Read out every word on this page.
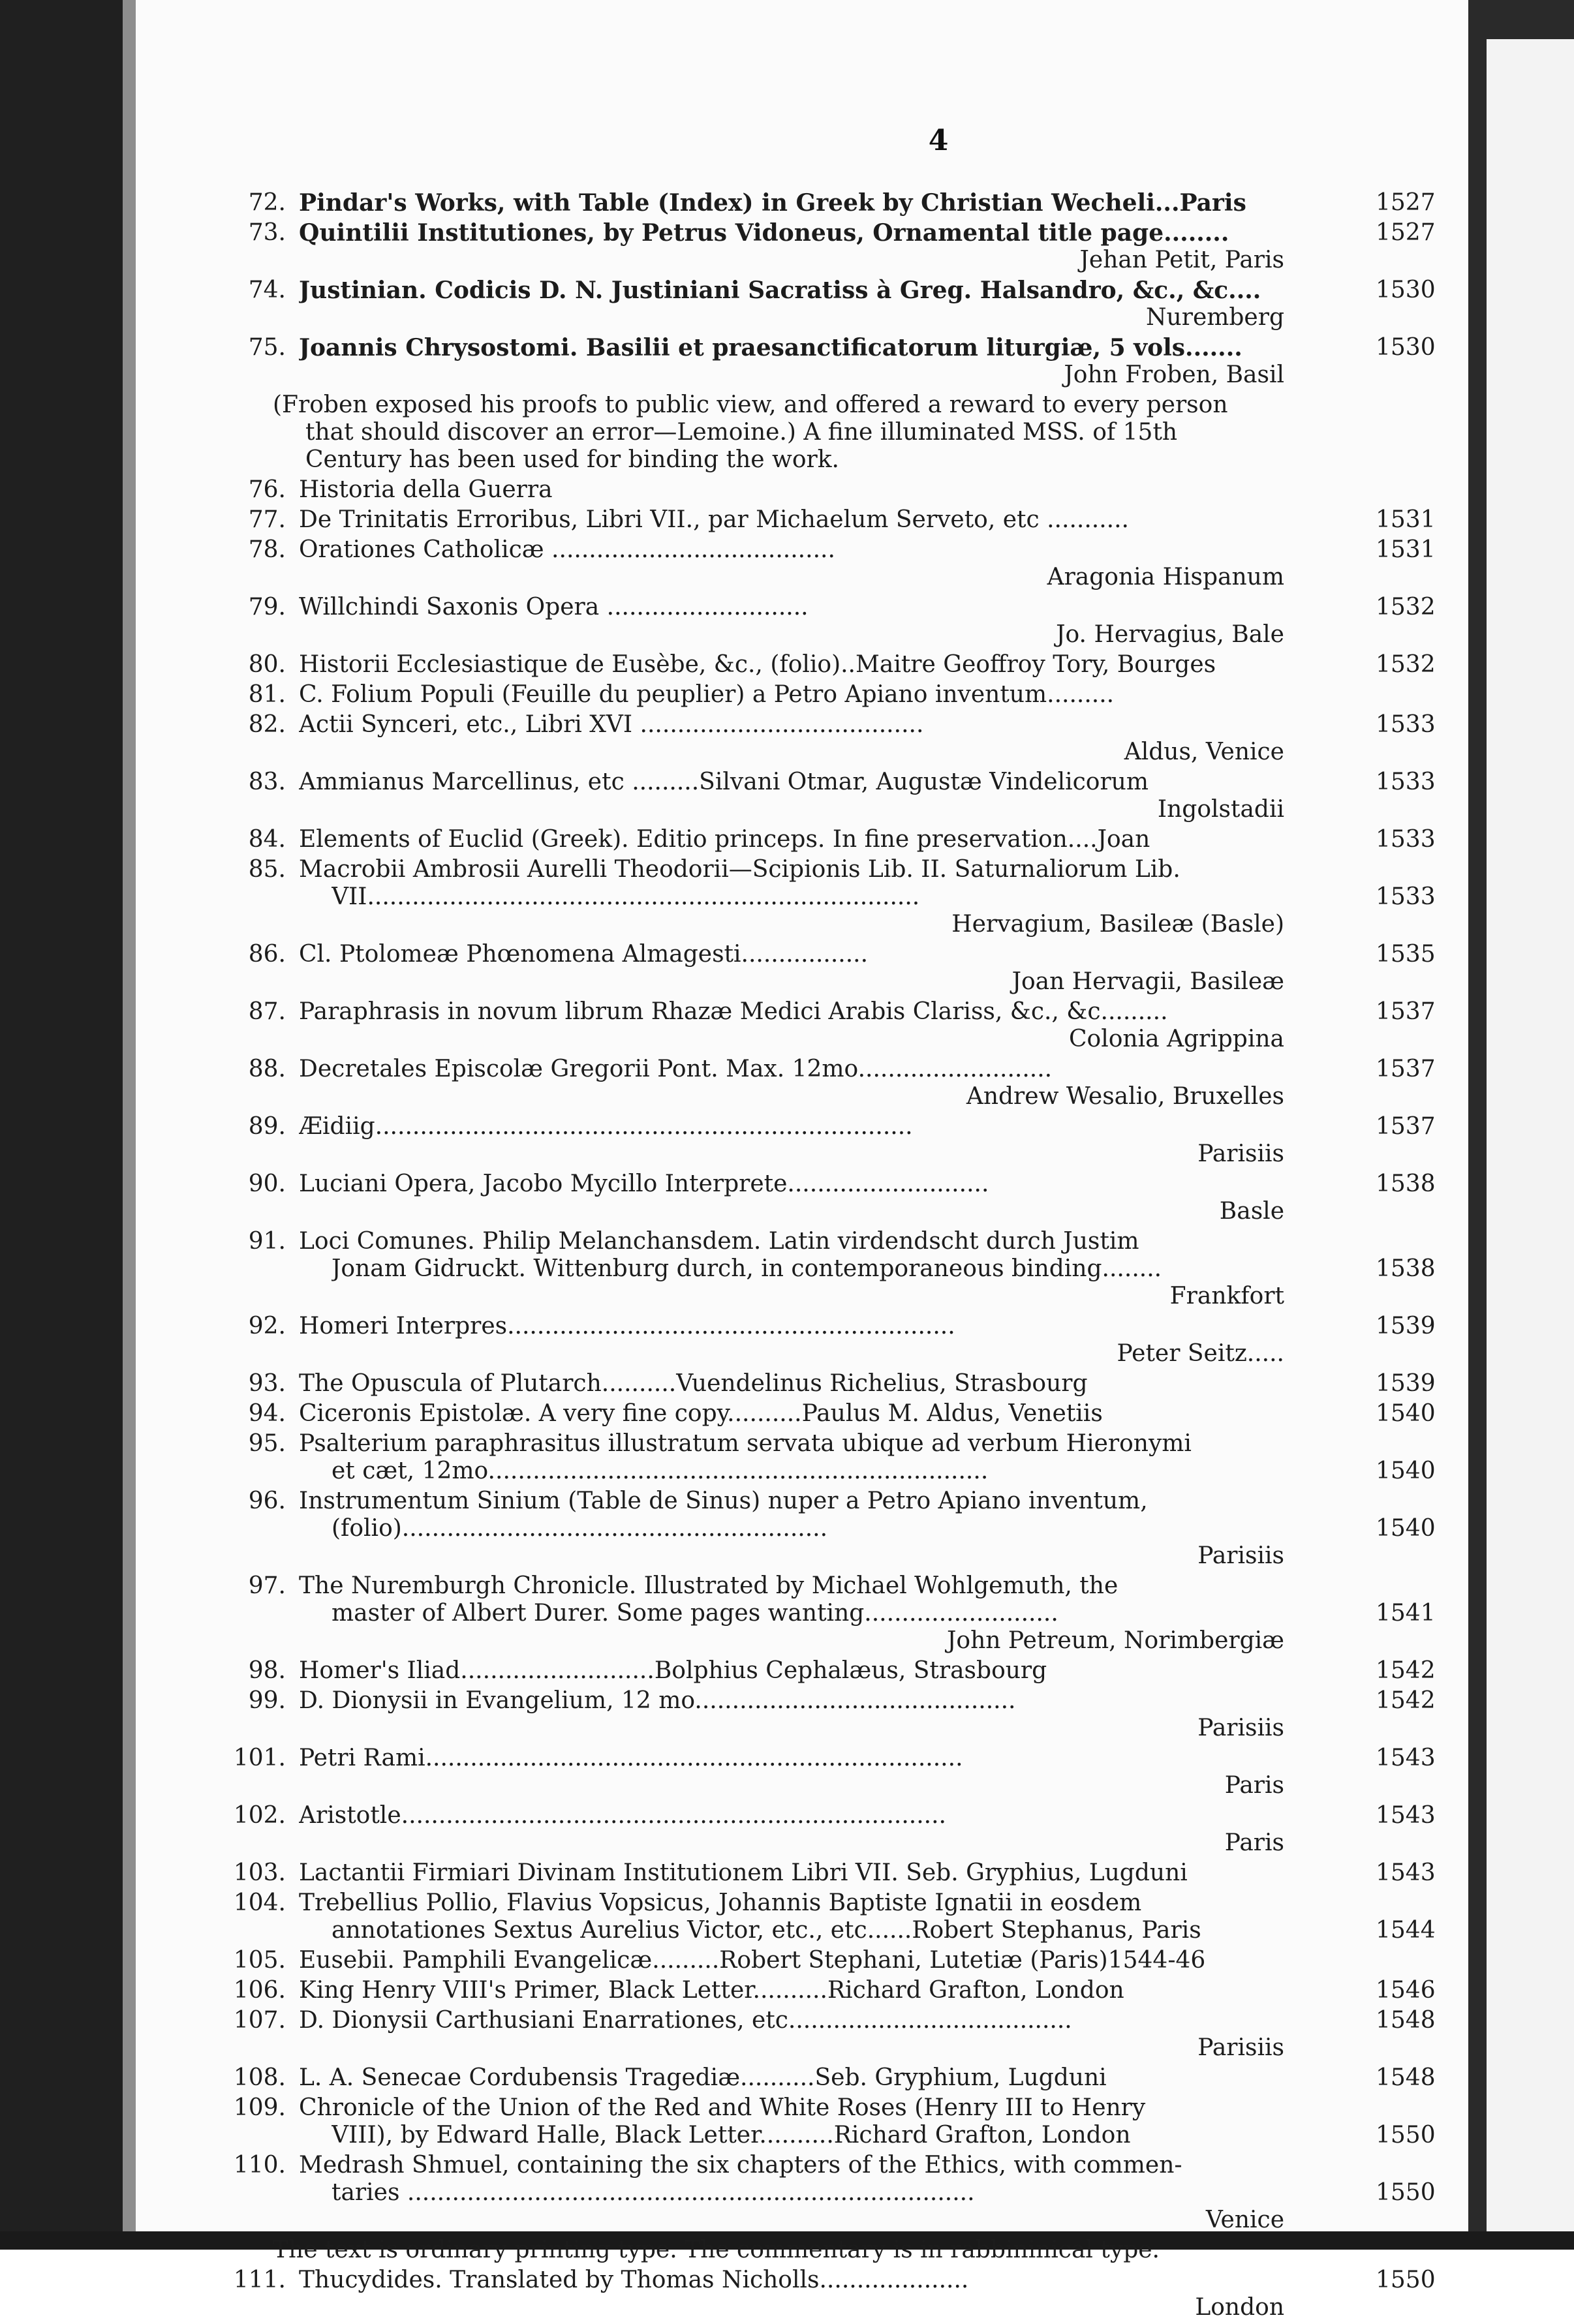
4
72. Pindar's Works, with Table (Index) in Greek by Christian Wecheli...Paris	1527
73. Quintilii Institutiones, by Petrus Vidoneus, Ornamental title page........	1527
Jehan Petit, Paris
74. Justinian. Codicis D. N. Justiniani Sacratiss à Greg. Halsandro, &c., &c....	1530
Nuremberg
75. Joannis Chrysostomi. Basilii et praesanctificatorum liturgiæ, 5 vols.......	1530
John Froben, Basil
(Froben exposed his proofs to public view, and offered a reward to every person
that should discover an error—Lemoine.) A fine illuminated MSS. of 15th
Century has been used for binding the work.
76. Historia della Guerra
77. De Trinitatis Erroribus, Libri VII., par Michaelum Serveto, etc ...........	1531
78. Orationes Catholicæ ......................................	1531
Aragonia Hispanum
79. Willchindi Saxonis Opera ...........................	1532
Jo. Hervagius, Bale
80. Historii Ecclesiastique de Eusèbe, &c., (folio)..Maitre Geoffroy Tory, Bourges	1532
81. C. Folium Populi (Feuille du peuplier) a Petro Apiano inventum.........
82. Actii Synceri, etc., Libri XVI ......................................	1533
Aldus, Venice
83. Ammianus Marcellinus, etc .........Silvani Otmar, Augustæ Vindelicorum	1533
Ingolstadii
84. Elements of Euclid (Greek). Editio princeps. In fine preservation....Joan	1533
85. Macrobii Ambrosii Aurelli Theodorii—Scipionis Lib. II. Saturnaliorum Lib.
VII..........................................................................	1533
Hervagium, Basileæ (Basle)
86. Cl. Ptolomeæ Phœnomena Almagesti.................	1535
Joan Hervagii, Basileæ
87. Paraphrasis in novum librum Rhazæ Medici Arabis Clariss, &c., &c.........	1537
Colonia Agrippina
88. Decretales Episcolæ Gregorii Pont. Max. 12mo..........................	1537
Andrew Wesalio, Bruxelles
89. Æidiig........................................................................	1537
Parisiis
90. Luciani Opera, Jacobo Mycillo Interprete...........................	1538
Basle
91. Loci Comunes. Philip Melanchansdem. Latin virdendscht durch Justim
Jonam Gidruckt. Wittenburg durch, in contemporaneous binding........	1538
Frankfort
92. Homeri Interpres............................................................	1539
Peter Seitz.....
93. The Opuscula of Plutarch..........Vuendelinus Richelius, Strasbourg	1539
94. Ciceronis Epistolæ. A very fine copy..........Paulus M. Aldus, Venetiis	1540
95. Psalterium paraphrasitus illustratum servata ubique ad verbum Hieronymi
et cæt, 12mo...................................................................	1540
96. Instrumentum Sinium (Table de Sinus) nuper a Petro Apiano inventum,
(folio).........................................................	1540
Parisiis
97. The Nuremburgh Chronicle. Illustrated by Michael Wohlgemuth, the
master of Albert Durer. Some pages wanting..........................	1541
John Petreum, Norimbergiæ
98. Homer's Iliad..........................Bolphius Cephalæus, Strasbourg	1542
99. D. Dionysii in Evangelium, 12 mo...........................................	1542
Parisiis
101. Petri Rami........................................................................	1543
Paris
102. Aristotle.........................................................................	1543
Paris
103. Lactantii Firmiari Divinam Institutionem Libri VII. Seb. Gryphius, Lugduni	1543
104. Trebellius Pollio, Flavius Vopsicus, Johannis Baptiste Ignatii in eosdem
annotationes Sextus Aurelius Victor, etc., etc......Robert Stephanus, Paris	1544
105. Eusebii. Pamphili Evangelicæ.........Robert Stephani, Lutetiæ (Paris)1544-46
106. King Henry VIII's Primer, Black Letter..........Richard Grafton, London	1546
107. D. Dionysii Carthusiani Enarrationes, etc......................................	1548
Parisiis
108. L. A. Senecae Cordubensis Tragediæ..........Seb. Gryphium, Lugduni	1548
109. Chronicle of the Union of the Red and White Roses (Henry III to Henry
VIII), by Edward Halle, Black Letter..........Richard Grafton, London	1550
110. Medrash Shmuel, containing the six chapters of the Ethics, with commen-
taries ............................................................................	1550
Venice
The text is ordinary printing type. The commentary is in rabbininical type.
111. Thucydides. Translated by Thomas Nicholls....................	1550
London
